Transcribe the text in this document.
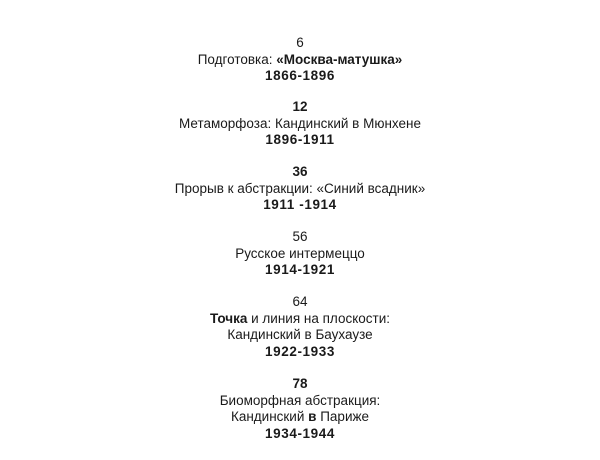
6
Подготовка: «Москва-матушка»
1866-1896
12
Метаморфоза: Кандинский в Мюнхене
1896-1911
36
Прорыв к абстракции: «Синий всадник»
1911 -1914
56
Русское интермеццо
1914-1921
64
Точка и линия на плоскости:
Кандинский в Баухаузе
1922-1933
78
Биоморфная абстракция:
Кандинский в Париже
1934-1944
